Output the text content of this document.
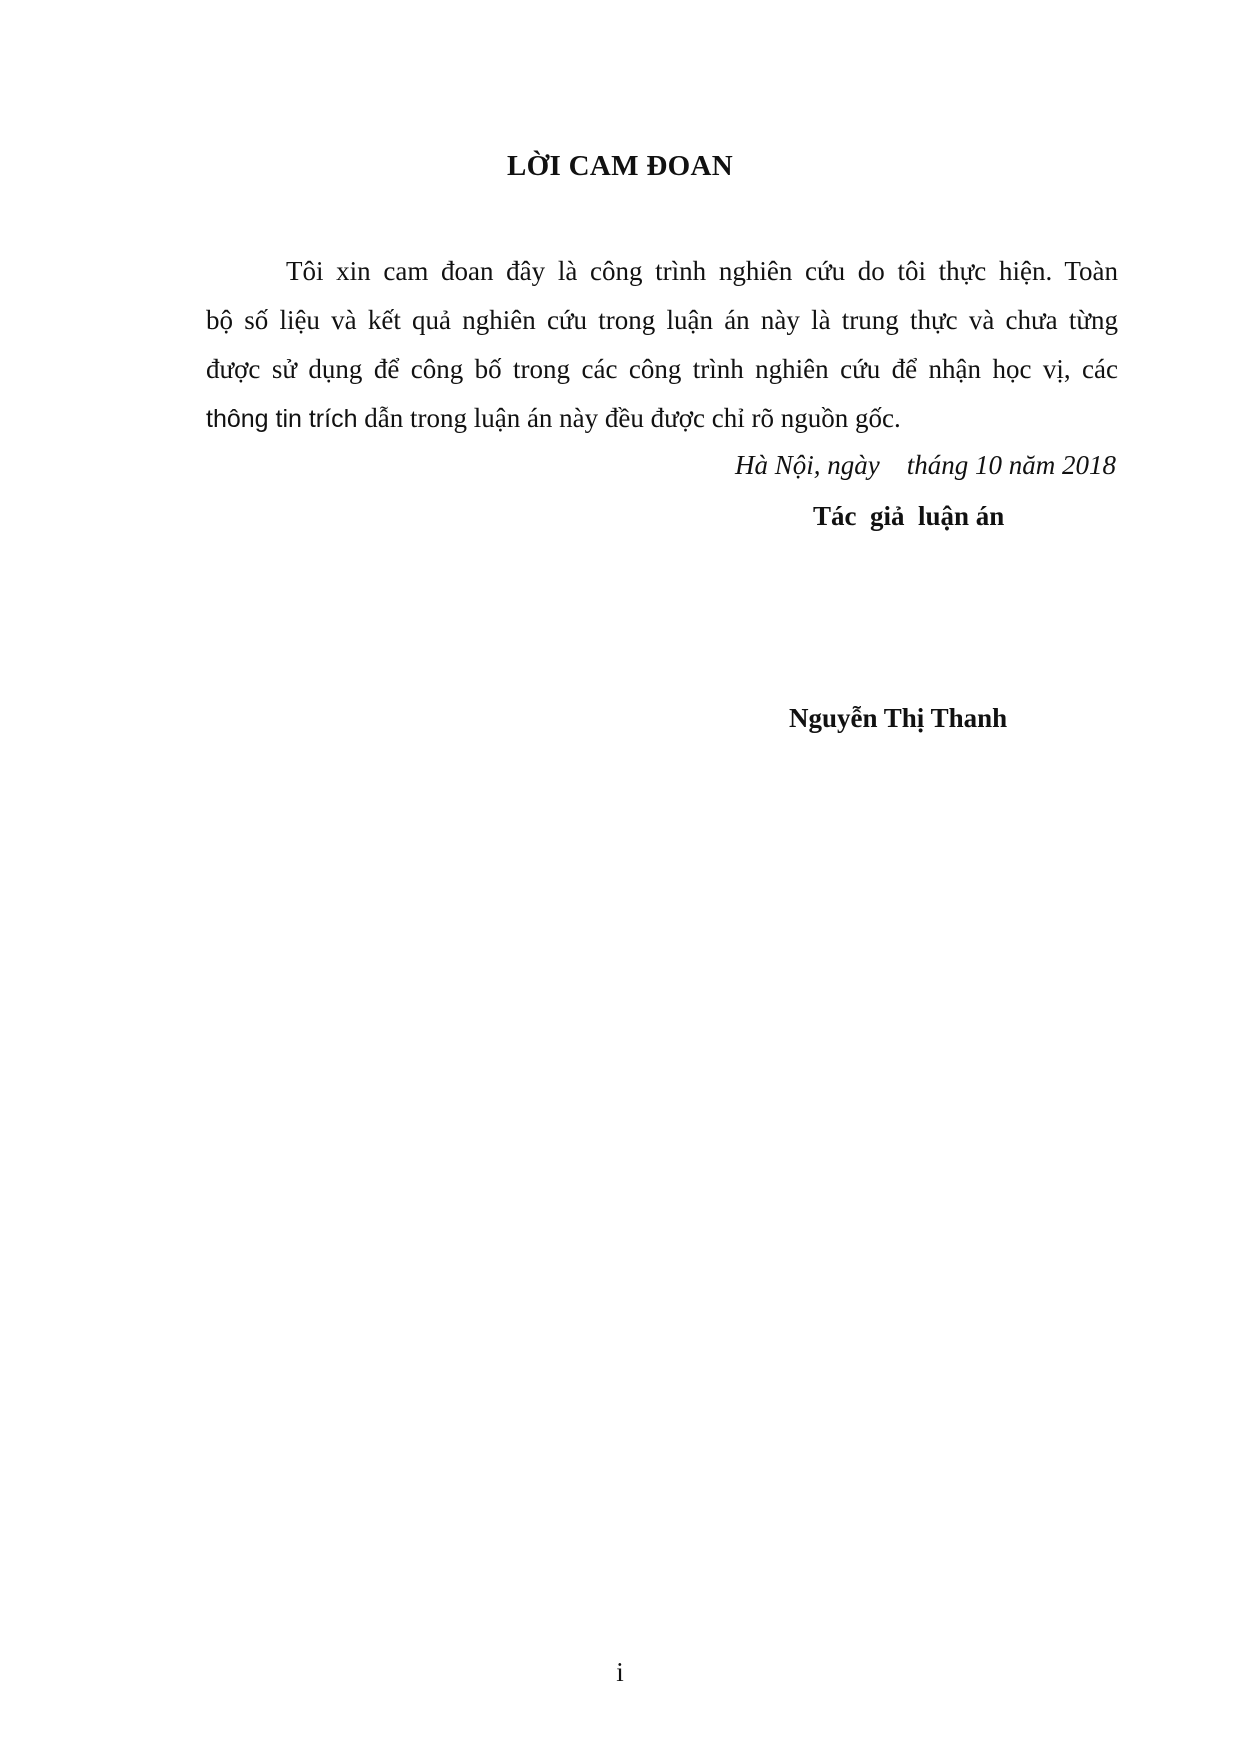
LỜI CAM ĐOAN
Tôi xin cam đoan đây là công trình nghiên cứu do tôi thực hiện. Toàn
bộ số liệu và kết quả nghiên cứu trong luận án này là trung thực và chưa từng
được sử dụng để công bố trong các công trình nghiên cứu để nhận học vị, các
thông tin trích dẫn trong luận án này đều được chỉ rõ nguồn gốc.
Hà Nội, ngày    tháng 10 năm 2018
Tác  giả  luận án
Nguyễn Thị Thanh
i
